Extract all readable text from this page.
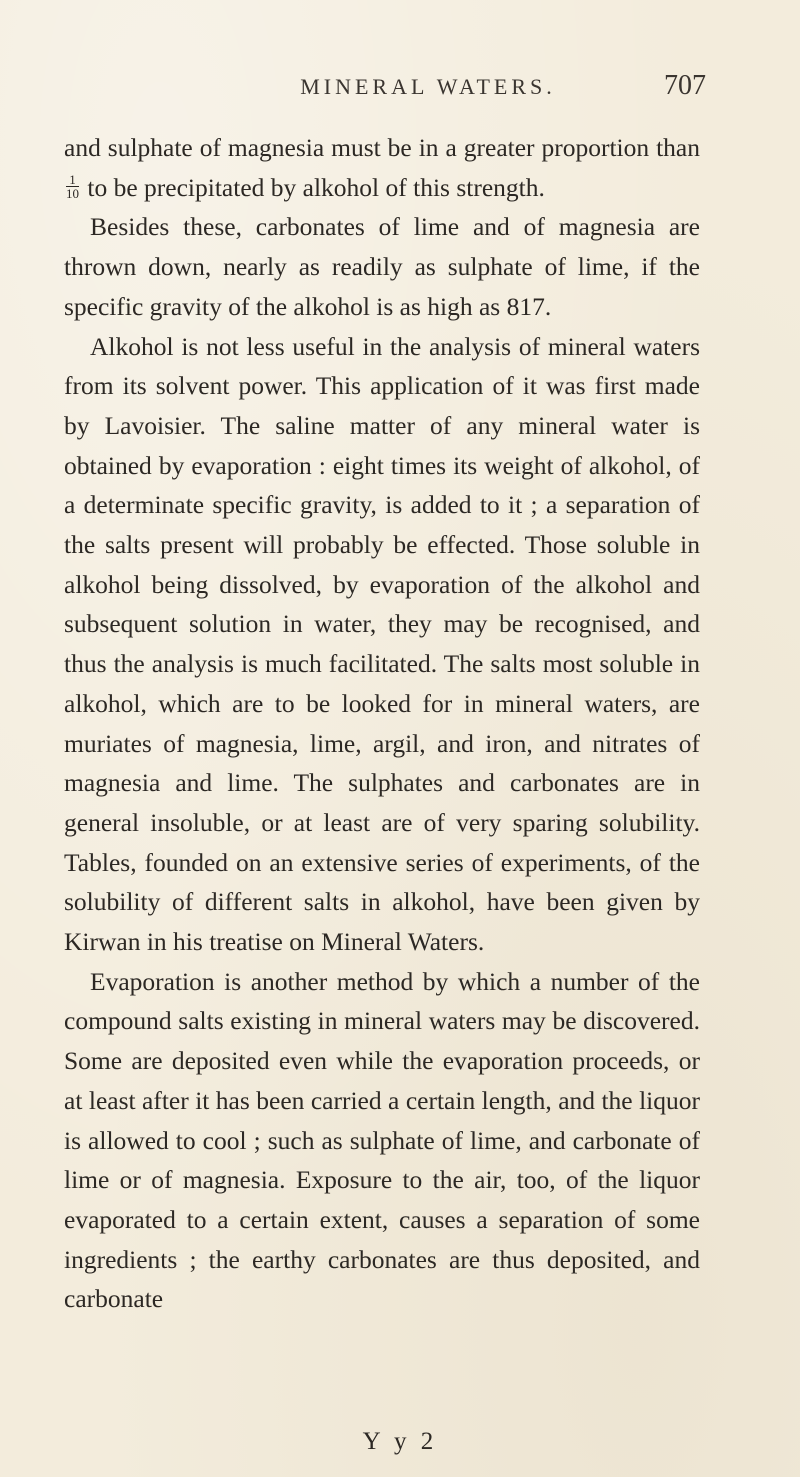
MINERAL WATERS.	707

and sulphate of magnesia must be in a greater proportion than
$\frac{1}{10}$ to be precipitated by alkohol of this strength.

Besides these, carbonates of lime and of magnesia are thrown down, nearly as readily as sulphate of lime, if the specific gravity of the alkohol is as high as 817.

Alkohol is not less useful in the analysis of mineral waters from its solvent power. This application of it was first made by Lavoisier. The saline matter of any mineral water is obtained by evaporation : eight times its weight of alkohol, of a determinate specific gravity, is added to it ; a separation of the salts present will probably be effected. Those soluble in alkohol being dissolved, by evaporation of the alkohol and subsequent solution in water, they may be recognised, and thus the analysis is much facilitated. The salts most soluble in alkohol, which are to be looked for in mineral waters, are muriates of magnesia, lime, argil, and iron, and nitrates of magnesia and lime. The sulphates and carbonates are in general insoluble, or at least are of very sparing solubility. Tables, founded on an extensive series of experiments, of the solubility of different salts in alkohol, have been given by Kirwan in his treatise on Mineral Waters.

Evaporation is another method by which a number of the compound salts existing in mineral waters may be discovered. Some are deposited even while the evaporation proceeds, or at least after it has been carried a certain length, and the liquor is allowed to cool ; such as sulphate of lime, and carbonate of lime or of magnesia. Exposure to the air, too, of the liquor evaporated to a certain extent, causes a separation of some ingredients ; the earthy carbonates are thus deposited, and carbonate

Y y 2
